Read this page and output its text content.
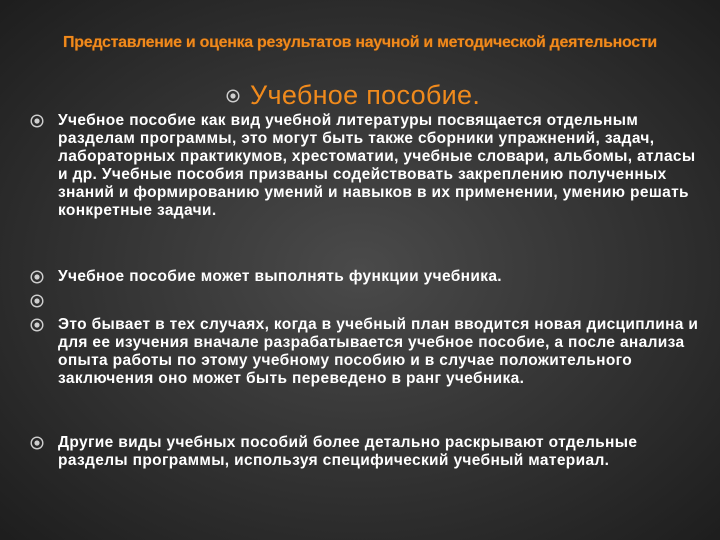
Представление и оценка результатов научной и методической деятельности
Учебное пособие.
Учебное пособие как вид учебной литературы посвящается отдельным разделам программы, это могут быть также сборники упражнений, задач, лабораторных практикумов, хрестоматии, учебные словари, альбомы, атласы и др. Учебные пособия призваны содействовать закреплению полученных знаний и формированию умений и навыков в их применении, умению решать конкретные задачи.
Учебное пособие может выполнять функции учебника.
Это бывает в тех случаях, когда в учебный план вводится новая дисциплина и для ее изучения вначале разрабатывается учебное пособие, а после анализа опыта работы по этому учебному пособию и в случае положительного заключения оно может быть переведено в ранг учебника.
Другие виды учебных пособий более детально раскрывают отдельные разделы программы, используя специфический учебный материал.
